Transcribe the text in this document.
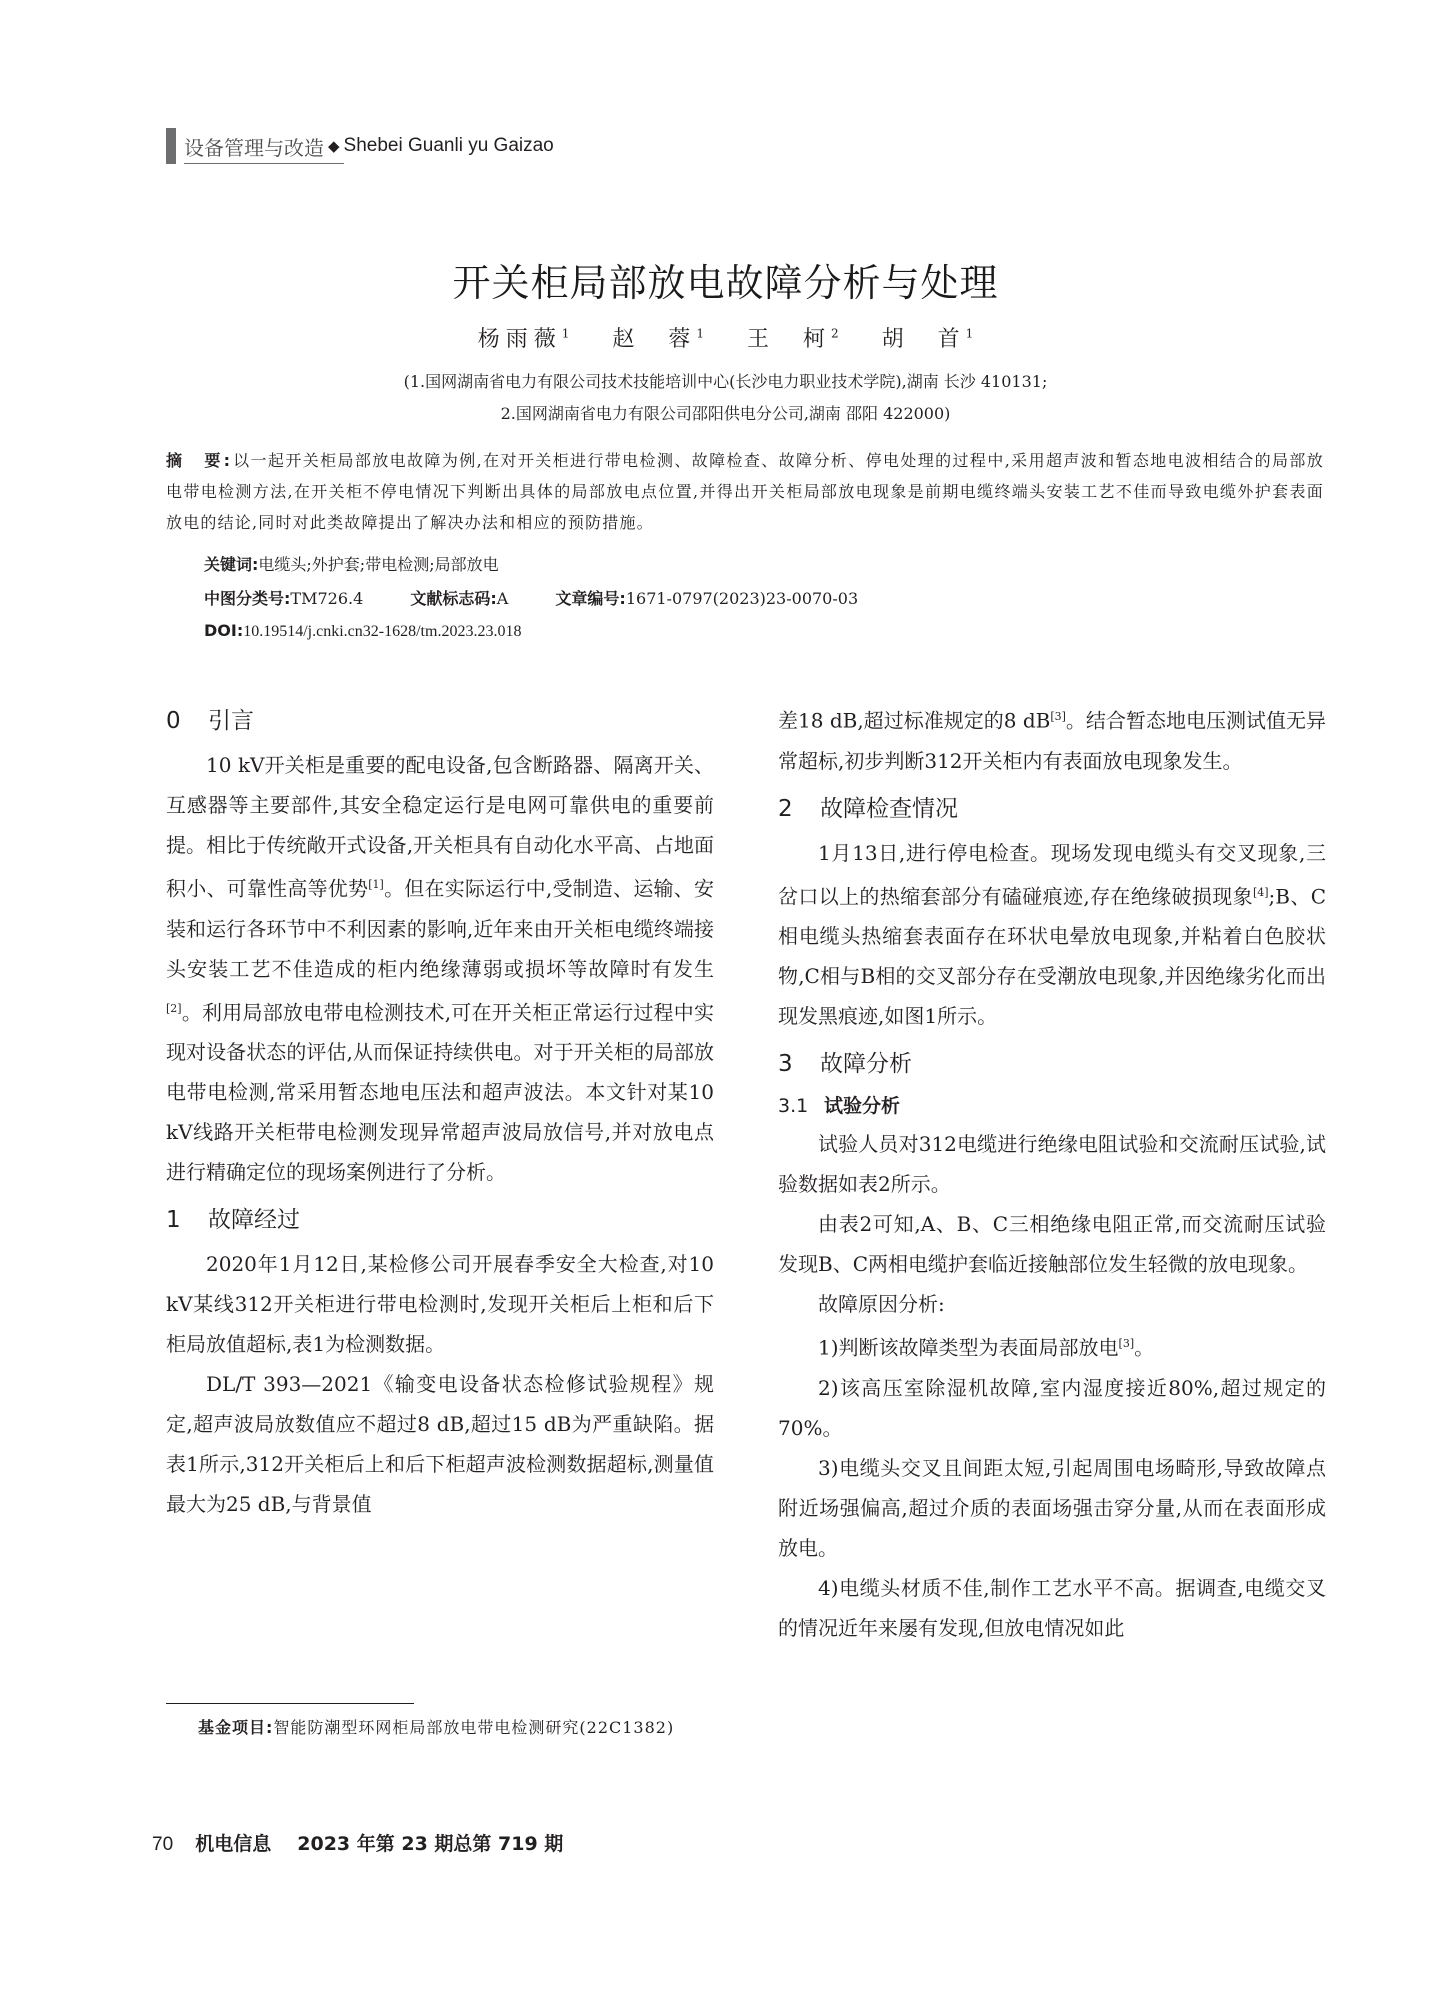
设备管理与改造 ◆ Shebei Guanli yu Gaizao
开关柜局部放电故障分析与处理
杨雨薇$^1$ 赵　蓉$^1$ 王　柯$^2$ 胡　首$^1$
(1.国网湖南省电力有限公司技术技能培训中心(长沙电力职业技术学院),湖南 长沙 410131;
2.国网湖南省电力有限公司邵阳供电分公司,湖南 邵阳 422000)
摘　要:以一起开关柜局部放电故障为例,在对开关柜进行带电检测、故障检查、故障分析、停电处理的过程中,采用超声波和暂态地电波相结合的局部放电带电检测方法,在开关柜不停电情况下判断出具体的局部放电点位置,并得出开关柜局部放电现象是前期电缆终端头安装工艺不佳而导致电缆外护套表面放电的结论,同时对此类故障提出了解决办法和相应的预防措施。
关键词:电缆头;外护套;带电检测;局部放电
中图分类号:TM726.4	文献标志码:A	文章编号:1671-0797(2023)23-0070-03
DOI:10.19514/j.cnki.cn32-1628/tm.2023.23.018
0 引言

10 kV开关柜是重要的配电设备,包含断路器、隔离开关、互感器等主要部件,其安全稳定运行是电网可靠供电的重要前提。相比于传统敞开式设备,开关柜具有自动化水平高、占地面积小、可靠性高等优势[1]。但在实际运行中,受制造、运输、安装和运行各环节中不利因素的影响,近年来由开关柜电缆终端接头安装工艺不佳造成的柜内绝缘薄弱或损坏等故障时有发生[2]。利用局部放电带电检测技术,可在开关柜正常运行过程中实现对设备状态的评估,从而保证持续供电。对于开关柜的局部放电带电检测,常采用暂态地电压法和超声波法。本文针对某10 kV线路开关柜带电检测发现异常超声波局放信号,并对放电点进行精确定位的现场案例进行了分析。

1 故障经过

2020年1月12日,某检修公司开展春季安全大检查,对10 kV某线312开关柜进行带电检测时,发现开关柜后上柜和后下柜局放值超标,表1为检测数据。

DL/T 393—2021《输变电设备状态检修试验规程》规定,超声波局放数值应不超过8 dB,超过15 dB为严重缺陷。据表1所示,312开关柜后上和后下柜超声波检测数据超标,测量值最大为25 dB,与背景值

差18 dB,超过标准规定的8 dB[3]。结合暂态地电压测试值无异常超标,初步判断312开关柜内有表面放电现象发生。

2 故障检查情况

1月13日,进行停电检查。现场发现电缆头有交叉现象,三岔口以上的热缩套部分有磕碰痕迹,存在绝缘破损现象[4];B、C相电缆头热缩套表面存在环状电晕放电现象,并粘着白色胶状物,C相与B相的交叉部分存在受潮放电现象,并因绝缘劣化而出现发黑痕迹,如图1所示。

3 故障分析
3.1 试验分析

试验人员对312电缆进行绝缘电阻试验和交流耐压试验,试验数据如表2所示。

由表2可知,A、B、C三相绝缘电阻正常,而交流耐压试验发现B、C两相电缆护套临近接触部位发生轻微的放电现象。

故障原因分析:

1)判断该故障类型为表面局部放电[3]。

2)该高压室除湿机故障,室内湿度接近80%,超过规定的70%。

3)电缆头交叉且间距太短,引起周围电场畸形,导致故障点附近场强偏高,超过介质的表面场强击穿分量,从而在表面形成放电。

4)电缆头材质不佳,制作工艺水平不高。据调查,电缆交叉的情况近年来屡有发现,但放电情况如此

基金项目:智能防潮型环网柜局部放电带电检测研究(22C1382)
70 机电信息 2023 年第 23 期总第 719 期
